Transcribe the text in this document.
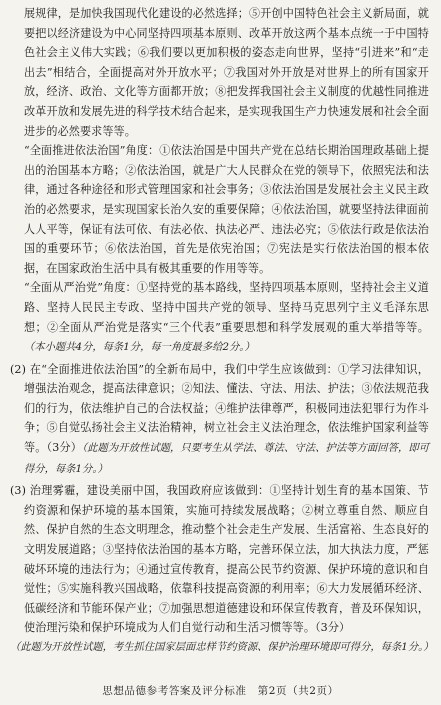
展规律，是加快我国现代化建设的必然选择；⑤开创中国特色社会主义新局面，就要把以经济建设为中心同坚持四项基本原则、改革开放这两个基本点统一于中国特色社会主义伟大实践；⑥我们要以更加积极的姿态走向世界，坚持“引进来”和“走出去”相结合，全面提高对外开放水平；⑦我国对外开放是对世界上的所有国家开放，经济、政治、文化等方面都开放；⑧把发挥我国社会主义制度的优越性同推进改革开放和发展先进的科学技术结合起来，是实现我国生产力快速发展和社会全面进步的必然要求等等。

“全面推进依法治国”角度：①依法治国是中国共产党在总结长期治国理政基础上提出的治国基本方略；②依法治国，就是广大人民群众在党的领导下，依照宪法和法律，通过各种途径和形式管理国家和社会事务；③依法治国是发展社会主义民主政治的必然要求，是实现国家长治久安的重要保障；④依法治国，就要坚持法律面前人人平等，保证有法可依、有法必依、执法必严、违法必究；⑤依法行政是依法治国的重要环节；⑥依法治国，首先是依宪治国；⑦宪法是实行依法治国的根本依据，在国家政治生活中具有极其重要的作用等等。

“全面从严治党”角度：①坚持党的基本路线，坚持四项基本原则，坚持社会主义道路、坚持人民民主专政、坚持中国共产党的领导、坚持马克思列宁主义毛泽东思想；②全面从严治党是落实“三个代表”重要思想和科学发展观的重大举措等等。（本小题共4分，每条1分，每一角度最多给2分。）

(2) 在“全面推进依法治国”的全新布局中，我们中学生应该做到：①学习法律知识，增强法治观念，提高法律意识；②知法、懂法、守法、用法、护法；③依法规范我们的行为，依法维护自己的合法权益；④维护法律尊严，积极同违法犯罪行为作斗争；⑤自觉弘扬社会主义法治精神，树立社会主义法治理念，依法维护国家利益等等。（3分）（此题为开放性试题，只要考生从学法、尊法、守法、护法等方面回答，即可得分，每条1分。）

(3) 治理雾霾，建设美丽中国，我国政府应该做到：①坚持计划生育的基本国策、节约资源和保护环境的基本国策，实施可持续发展战略；②树立尊重自然、顺应自然、保护自然的生态文明理念，推动整个社会走生产发展、生活富裕、生态良好的文明发展道路；③坚持依法治国的基本方略，完善环保立法，加大执法力度，严惩破坏环境的违法行为；④通过宣传教育，提高公民节约资源、保护环境的意识和自觉性；⑤实施科教兴国战略，依靠科技提高资源的利用率；⑥大力发展循环经济、低碳经济和节能环保产业；⑦加强思想道德建设和环保宣传教育，普及环保知识，使治理污染和保护环境成为人们自觉行动和生活习惯等等。（3分）

（此题为开放性试题，考生抓住国家层面忠样节约资源、保护治理环境即可得分，每条1分。）

思想品德参考答案及评分标准　第2页（共2页）
